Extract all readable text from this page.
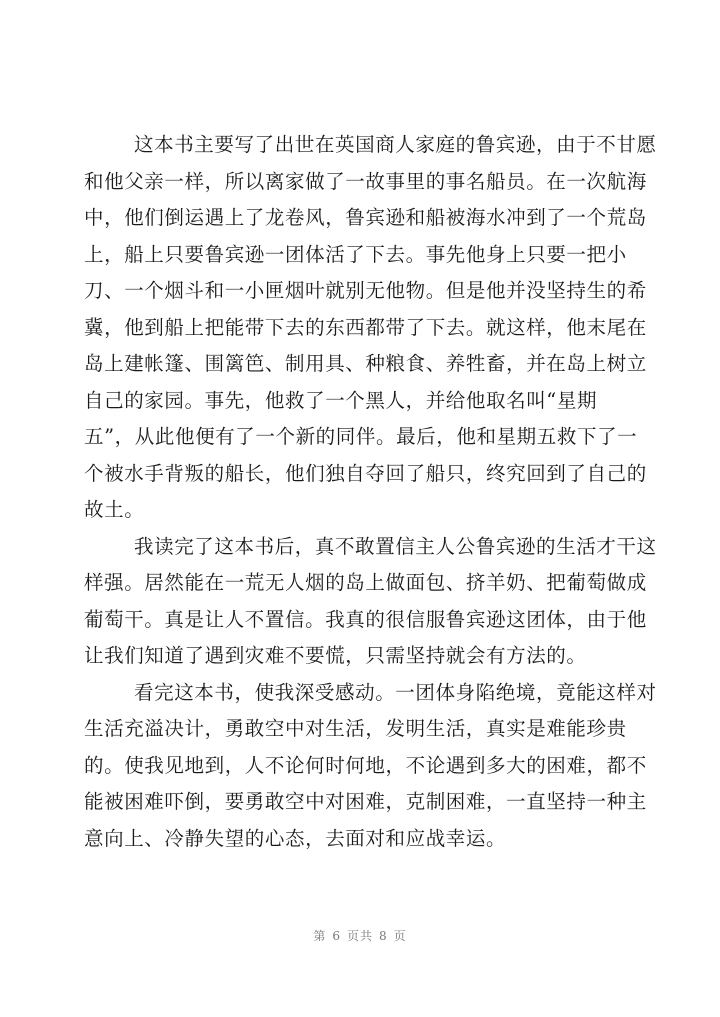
这本书主要写了出世在英国商人家庭的鲁宾逊，由于不甘愿
和他父亲一样，所以离家做了一故事里的事名船员。在一次航海
中，他们倒运遇上了龙卷风，鲁宾逊和船被海水冲到了一个荒岛
上，船上只要鲁宾逊一团体活了下去。事先他身上只要一把小
刀、一个烟斗和一小匣烟叶就别无他物。但是他并没坚持生的希
冀，他到船上把能带下去的东西都带了下去。就这样，他末尾在
岛上建帐篷、围篱笆、制用具、种粮食、养牲畜，并在岛上树立
自己的家园。事先，他救了一个黑人，并给他取名叫“星期
五”，从此他便有了一个新的同伴。最后，他和星期五救下了一
个被水手背叛的船长，他们独自夺回了船只，终究回到了自己的
故土。
我读完了这本书后，真不敢置信主人公鲁宾逊的生活才干这
样强。居然能在一荒无人烟的岛上做面包、挤羊奶、把葡萄做成
葡萄干。真是让人不置信。我真的很信服鲁宾逊这团体，由于他
让我们知道了遇到灾难不要慌，只需坚持就会有方法的。
看完这本书，使我深受感动。一团体身陷绝境，竟能这样对
生活充溢决计，勇敢空中对生活，发明生活，真实是难能珍贵
的。使我见地到，人不论何时何地，不论遇到多大的困难，都不
能被困难吓倒，要勇敢空中对困难，克制困难，一直坚持一种主
意向上、冷静失望的心态，去面对和应战幸运。
第 6 页共 8 页
